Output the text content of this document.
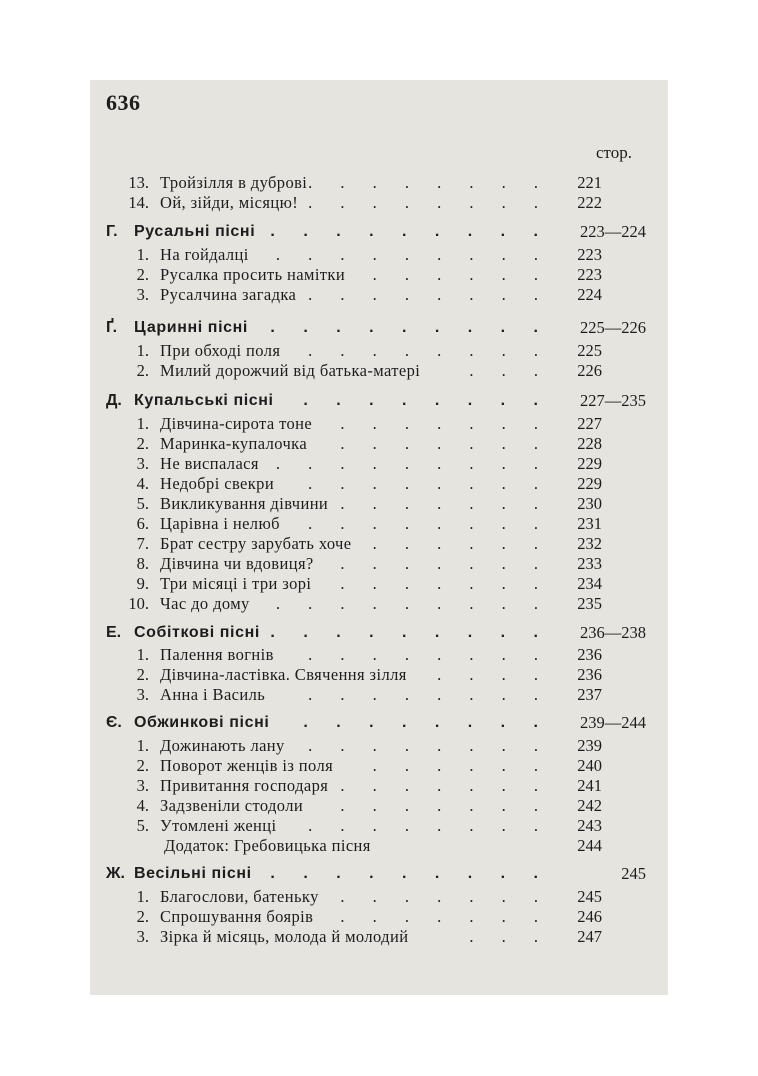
636
стор.
13. Тройзілля в дуброві . . . . . . . . 221
14. Ой, зійди, місяцю! . . . . . . . . 222
Г. Русальні пісні . . . . . . . . . 223—224
1. На гойдалці . . . . . . . . . 223
2. Русалка просить намітки	. . . . . . 223
3. Русалчина загадка . . . . . . . . 224
Ґ. Царинні пісні . . . . . . . . . 225—226
1. При обході поля . . . . . . . . 225
2. Милий дорожчий від батька-матері	. . . 226
Д. Купальські пісні . . . . . . . . 227—235
1. Дівчина-сирота тоне . . . . . . . 227
2. Маринка-купалочка . . . . . . . 228
3. Не виспалася . . . . . . . . . 229
4. Недобрі свекри . . . . . . . . 229
5. Викликування дівчини . . . . . . . 230
6. Царівна і нелюб . . . . . . . . 231
7. Брат сестру зарубать хоче	. . . . . . 232
8. Дівчина чи вдовиця? . . . . . . . 233
9. Три місяці і три зорі . . . . . . . 234
10. Час до дому . . . . . . . . . 235
Е. Собіткові пісні . . . . . . . . . 236—238
1. Палення вогнів . . . . . . . . 236
2. Дівчина-ластівка. Свячення зілля	. . . . 236
3. Анна і Василь	. . . . . . . . 237
Є. Обжинкові пісні . . . . . . . . 239—244
1. Дожинають лану . . . . . . . . 239
2. Поворот женців із поля	. . . . . . 240
3. Привитання господаря . . . . . . . 241
4. Задзвеніли стодоли . . . . . . . 242
5. Утомлені женці . . . . . . . . 243
Додаток: Гребовицька пісня	244
Ж. Весільні пісні . . . . . . . . .	245
1. Благослови, батеньку . . . . . . . 245
2. Спрошування боярів . . . . . . . 246
3. Зірка й місяць, молода й молодий	. . . 247
